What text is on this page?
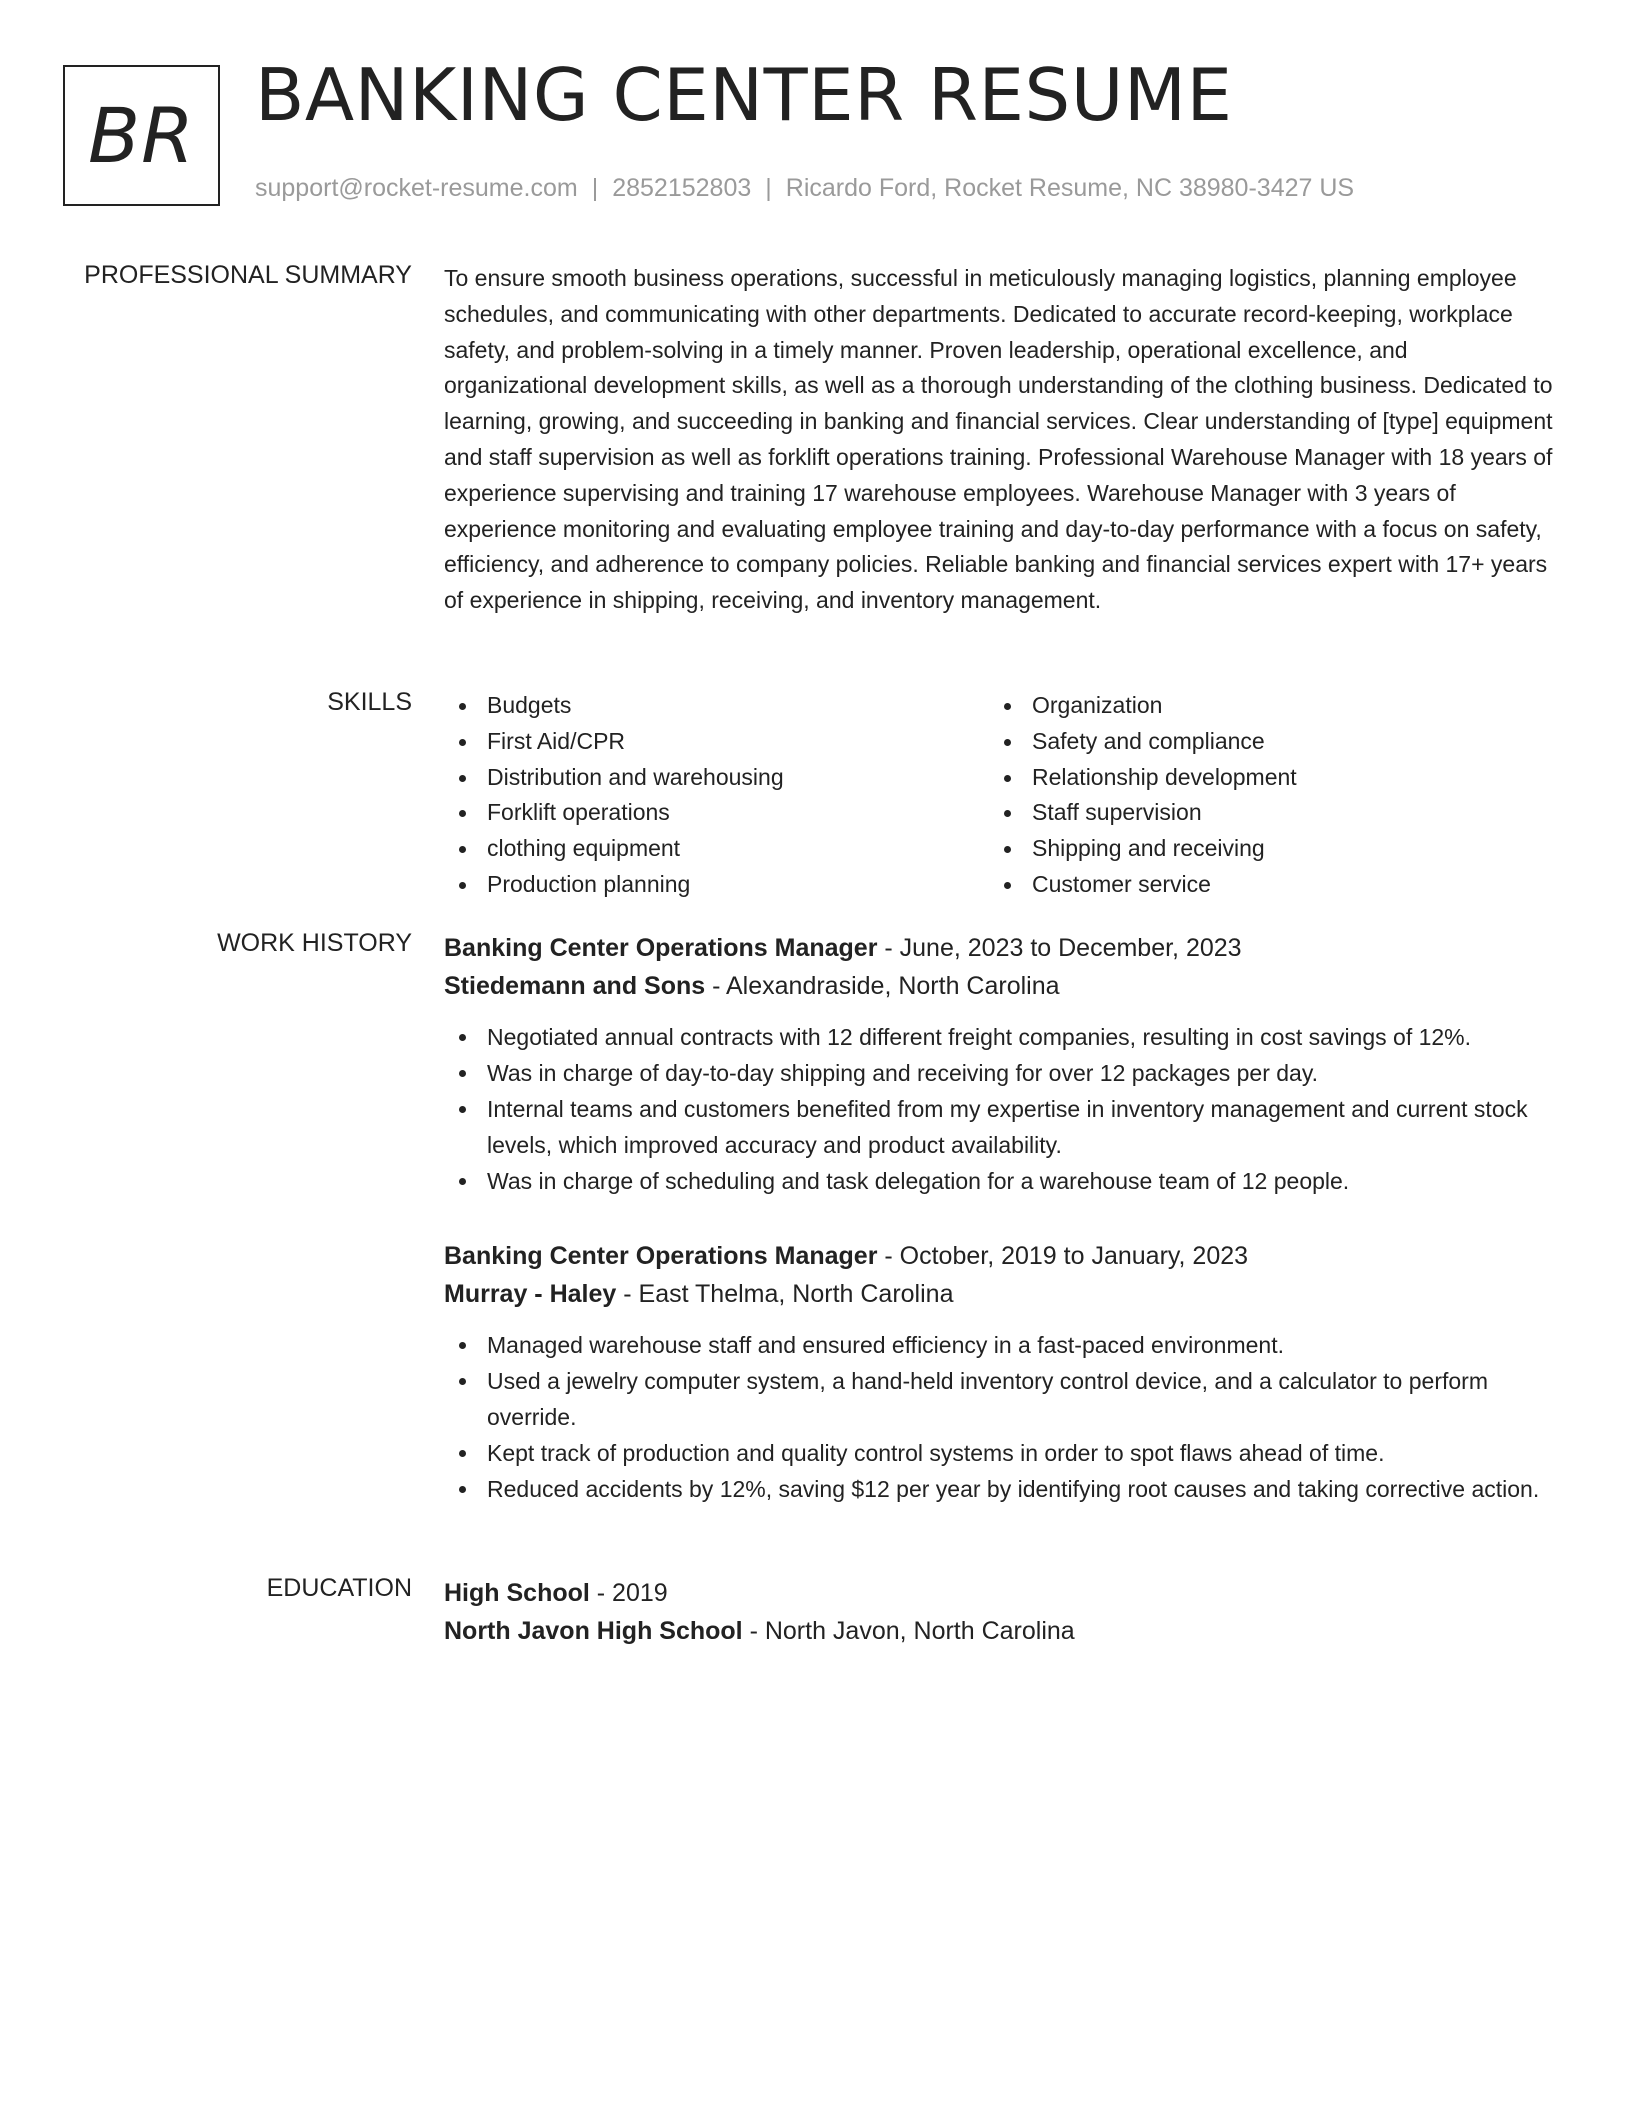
BR BANKING CENTER RESUME
support@rocket-resume.com | 2852152803 | Ricardo Ford, Rocket Resume, NC 38980-3427 US
PROFESSIONAL SUMMARY To ensure smooth business operations, successful in meticulously managing logistics, planning employee schedules, and communicating with other departments. Dedicated to accurate record-keeping, workplace safety, and problem-solving in a timely manner. Proven leadership, operational excellence, and organizational development skills, as well as a thorough understanding of the clothing business. Dedicated to learning, growing, and succeeding in banking and financial services. Clear understanding of [type] equipment and staff supervision as well as forklift operations training. Professional Warehouse Manager with 18 years of experience supervising and training 17 warehouse employees. Warehouse Manager with 3 years of experience monitoring and evaluating employee training and day-to-day performance with a focus on safety, efficiency, and adherence to company policies. Reliable banking and financial services expert with 17+ years of experience in shipping, receiving, and inventory management.

SKILLS	Budgets
First Aid/CPR
Distribution and warehousing
Forklift operations
clothing equipment
Production planning
Organization
Safety and compliance
Relationship development
Staff supervision
Shipping and receiving
Customer service
WORK HISTORY Banking Center Operations Manager - June, 2023 to December, 2023
Stiedemann and Sons - Alexandraside, North Carolina
Negotiated annual contracts with 12 different freight companies, resulting in cost savings of 12%.
Was in charge of day-to-day shipping and receiving for over 12 packages per day.
Internal teams and customers benefited from my expertise in inventory management and current stock levels, which improved accuracy and product availability.
Was in charge of scheduling and task delegation for a warehouse team of 12 people.
Banking Center Operations Manager - October, 2019 to January, 2023
Murray - Haley - East Thelma, North Carolina
Managed warehouse staff and ensured efficiency in a fast-paced environment.
Used a jewelry computer system, a hand-held inventory control device, and a calculator to perform override.
Kept track of production and quality control systems in order to spot flaws ahead of time.
Reduced accidents by 12%, saving $12 per year by identifying root causes and taking corrective action.
EDUCATION High School - 2019
North Javon High School - North Javon, North Carolina
